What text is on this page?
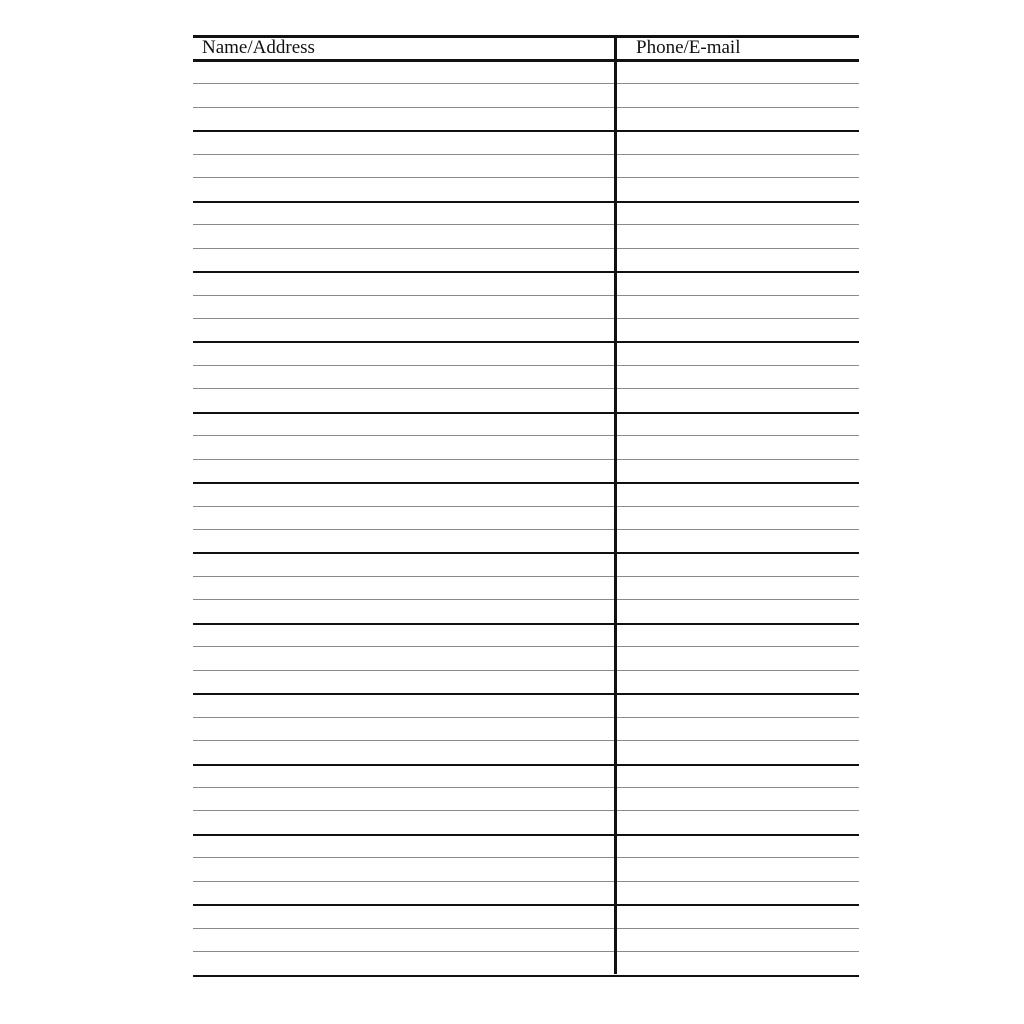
Name/Address	Phone/E-mail
